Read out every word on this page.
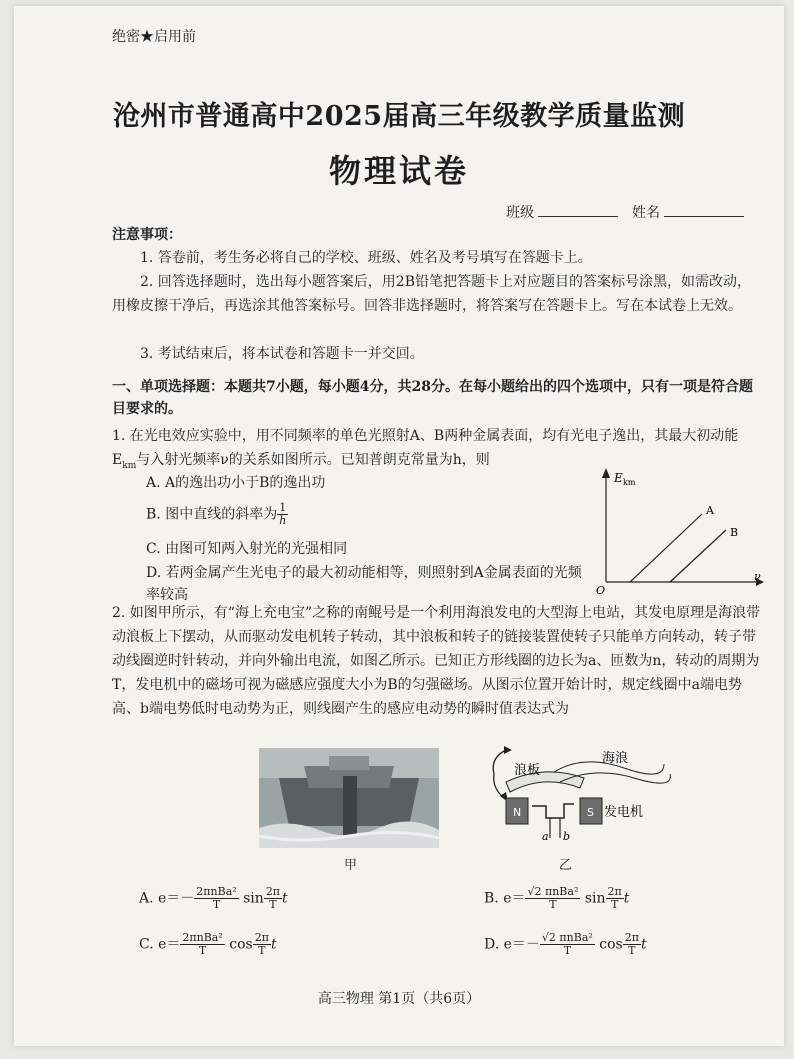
绝密★启用前
沧州市普通高中2025届高三年级教学质量监测
物理试卷
班级	姓名
注意事项：
1. 答卷前，考生务必将自己的学校、班级、姓名及考号填写在答题卡上。
2. 回答选择题时，选出每小题答案后，用2B铅笔把答题卡上对应题目的答案标号涂黑，如需改动，用橡皮擦干净后，再选涂其他答案标号。回答非选择题时，将答案写在答题卡上。写在本试卷上无效。
3. 考试结束后，将本试卷和答题卡一并交回。
一、单项选择题：本题共7小题，每小题4分，共28分。在每小题给出的四个选项中，只有一项是符合题目要求的。
1. 在光电效应实验中，用不同频率的单色光照射A、B两种金属表面，均有光电子逸出，其最大初动能$E_{km}$与入射光频率ν的关系如图所示。已知普朗克常量为h，则
A. A的逸出功小于B的逸出功
B. 图中直线的斜率为 $\frac{1}{h}$
C. 由图可知两入射光的光强相同
D. 若两金属产生光电子的最大初动能相等，则照射到A金属表面的光频率较高
E km
ν
O
A
B
2. 如图甲所示，有“海上充电宝”之称的南鲲号是一个利用海浪发电的大型海上电站，其发电原理是海浪带动浪板上下摆动，从而驱动发电机转子转动，其中浪板和转子的链接装置使转子只能单方向转动，转子带动线圈逆时针转动，并向外输出电流，如图乙所示。已知正方形线圈的边长为a、匝数为n，转动的周期为T，发电机中的磁场可视为磁感应强度大小为B的匀强磁场。从图示位置开始计时，规定线圈中a端电势高、b端电势低时电动势为正，则线圈产生的感应电动势的瞬时值表达式为
甲
N	S
浪板
海浪
发电机
a b
乙
A. $e=- \frac{\text{2πnBa²}}{T}$ $\sin \frac{2\pi}{T}$ t	B. $e= \frac{\text{√2 πnBa²}}{T}$ $\sin \frac{2\pi}{T}$ t
C. $e= \frac{\text{2πnBa²}}{T}$ $\cos \frac{2\pi}{T}$ t	D. $e=- \frac{\text{√2 πnBa²}}{T}$ $\cos \frac{2\pi}{T}$ t
高三物理 第1页（共6页）
